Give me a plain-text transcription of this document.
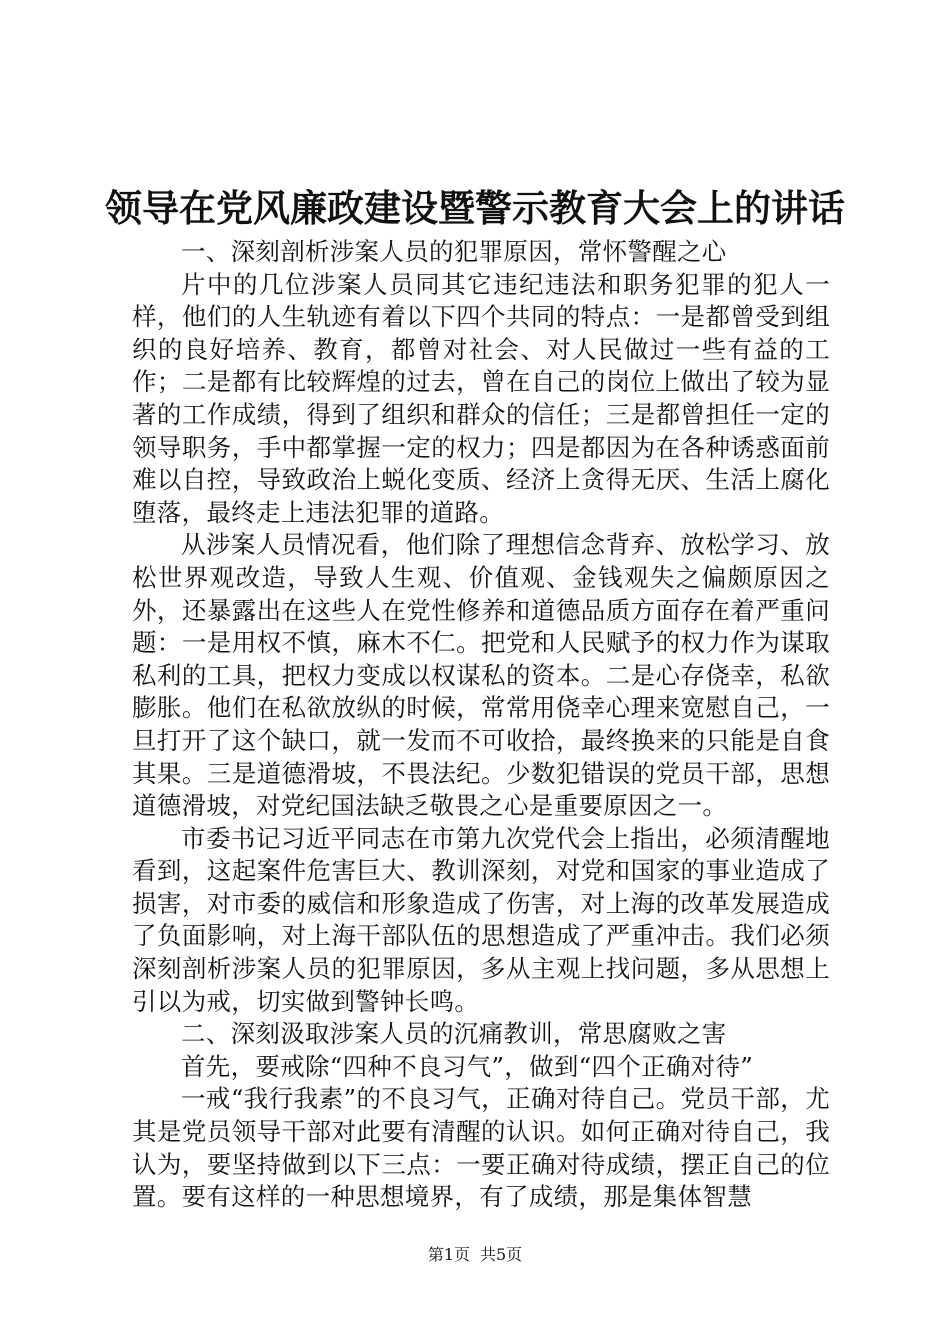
领导在党风廉政建设暨警示教育大会上的讲话

一、深刻剖析涉案人员的犯罪原因，常怀警醒之心

片中的几位涉案人员同其它违纪违法和职务犯罪的犯人一样，他们的人生轨迹有着以下四个共同的特点：一是都曾受到组织的良好培养、教育，都曾对社会、对人民做过一些有益的工作；二是都有比较辉煌的过去，曾在自己的岗位上做出了较为显著的工作成绩，得到了组织和群众的信任；三是都曾担任一定的领导职务，手中都掌握一定的权力；四是都因为在各种诱惑面前难以自控，导致政治上蜕化变质、经济上贪得无厌、生活上腐化堕落，最终走上违法犯罪的道路。

从涉案人员情况看，他们除了理想信念背弃、放松学习、放松世界观改造，导致人生观、价值观、金钱观失之偏颇原因之外，还暴露出在这些人在党性修养和道德品质方面存在着严重问题：一是用权不慎，麻木不仁。把党和人民赋予的权力作为谋取私利的工具，把权力变成以权谋私的资本。二是心存侥幸，私欲膨胀。他们在私欲放纵的时候，常常用侥幸心理来宽慰自己，一旦打开了这个缺口，就一发而不可收拾，最终换来的只能是自食其果。三是道德滑坡，不畏法纪。少数犯错误的党员干部，思想道德滑坡，对党纪国法缺乏敬畏之心是重要原因之一。

市委书记习近平同志在市第九次党代会上指出，必须清醒地看到，这起案件危害巨大、教训深刻，对党和国家的事业造成了损害，对市委的威信和形象造成了伤害，对上海的改革发展造成了负面影响，对上海干部队伍的思想造成了严重冲击。我们必须深刻剖析涉案人员的犯罪原因，多从主观上找问题，多从思想上引以为戒，切实做到警钟长鸣。

二、深刻汲取涉案人员的沉痛教训，常思腐败之害

首先，要戒除“四种不良习气”，做到“四个正确对待”

一戒“我行我素”的不良习气，正确对待自己。党员干部，尤其是党员领导干部对此要有清醒的认识。如何正确对待自己，我认为，要坚持做到以下三点：一要正确对待成绩，摆正自己的位置。要有这样的一种思想境界，有了成绩，那是集体智慧

第1页 共5页
